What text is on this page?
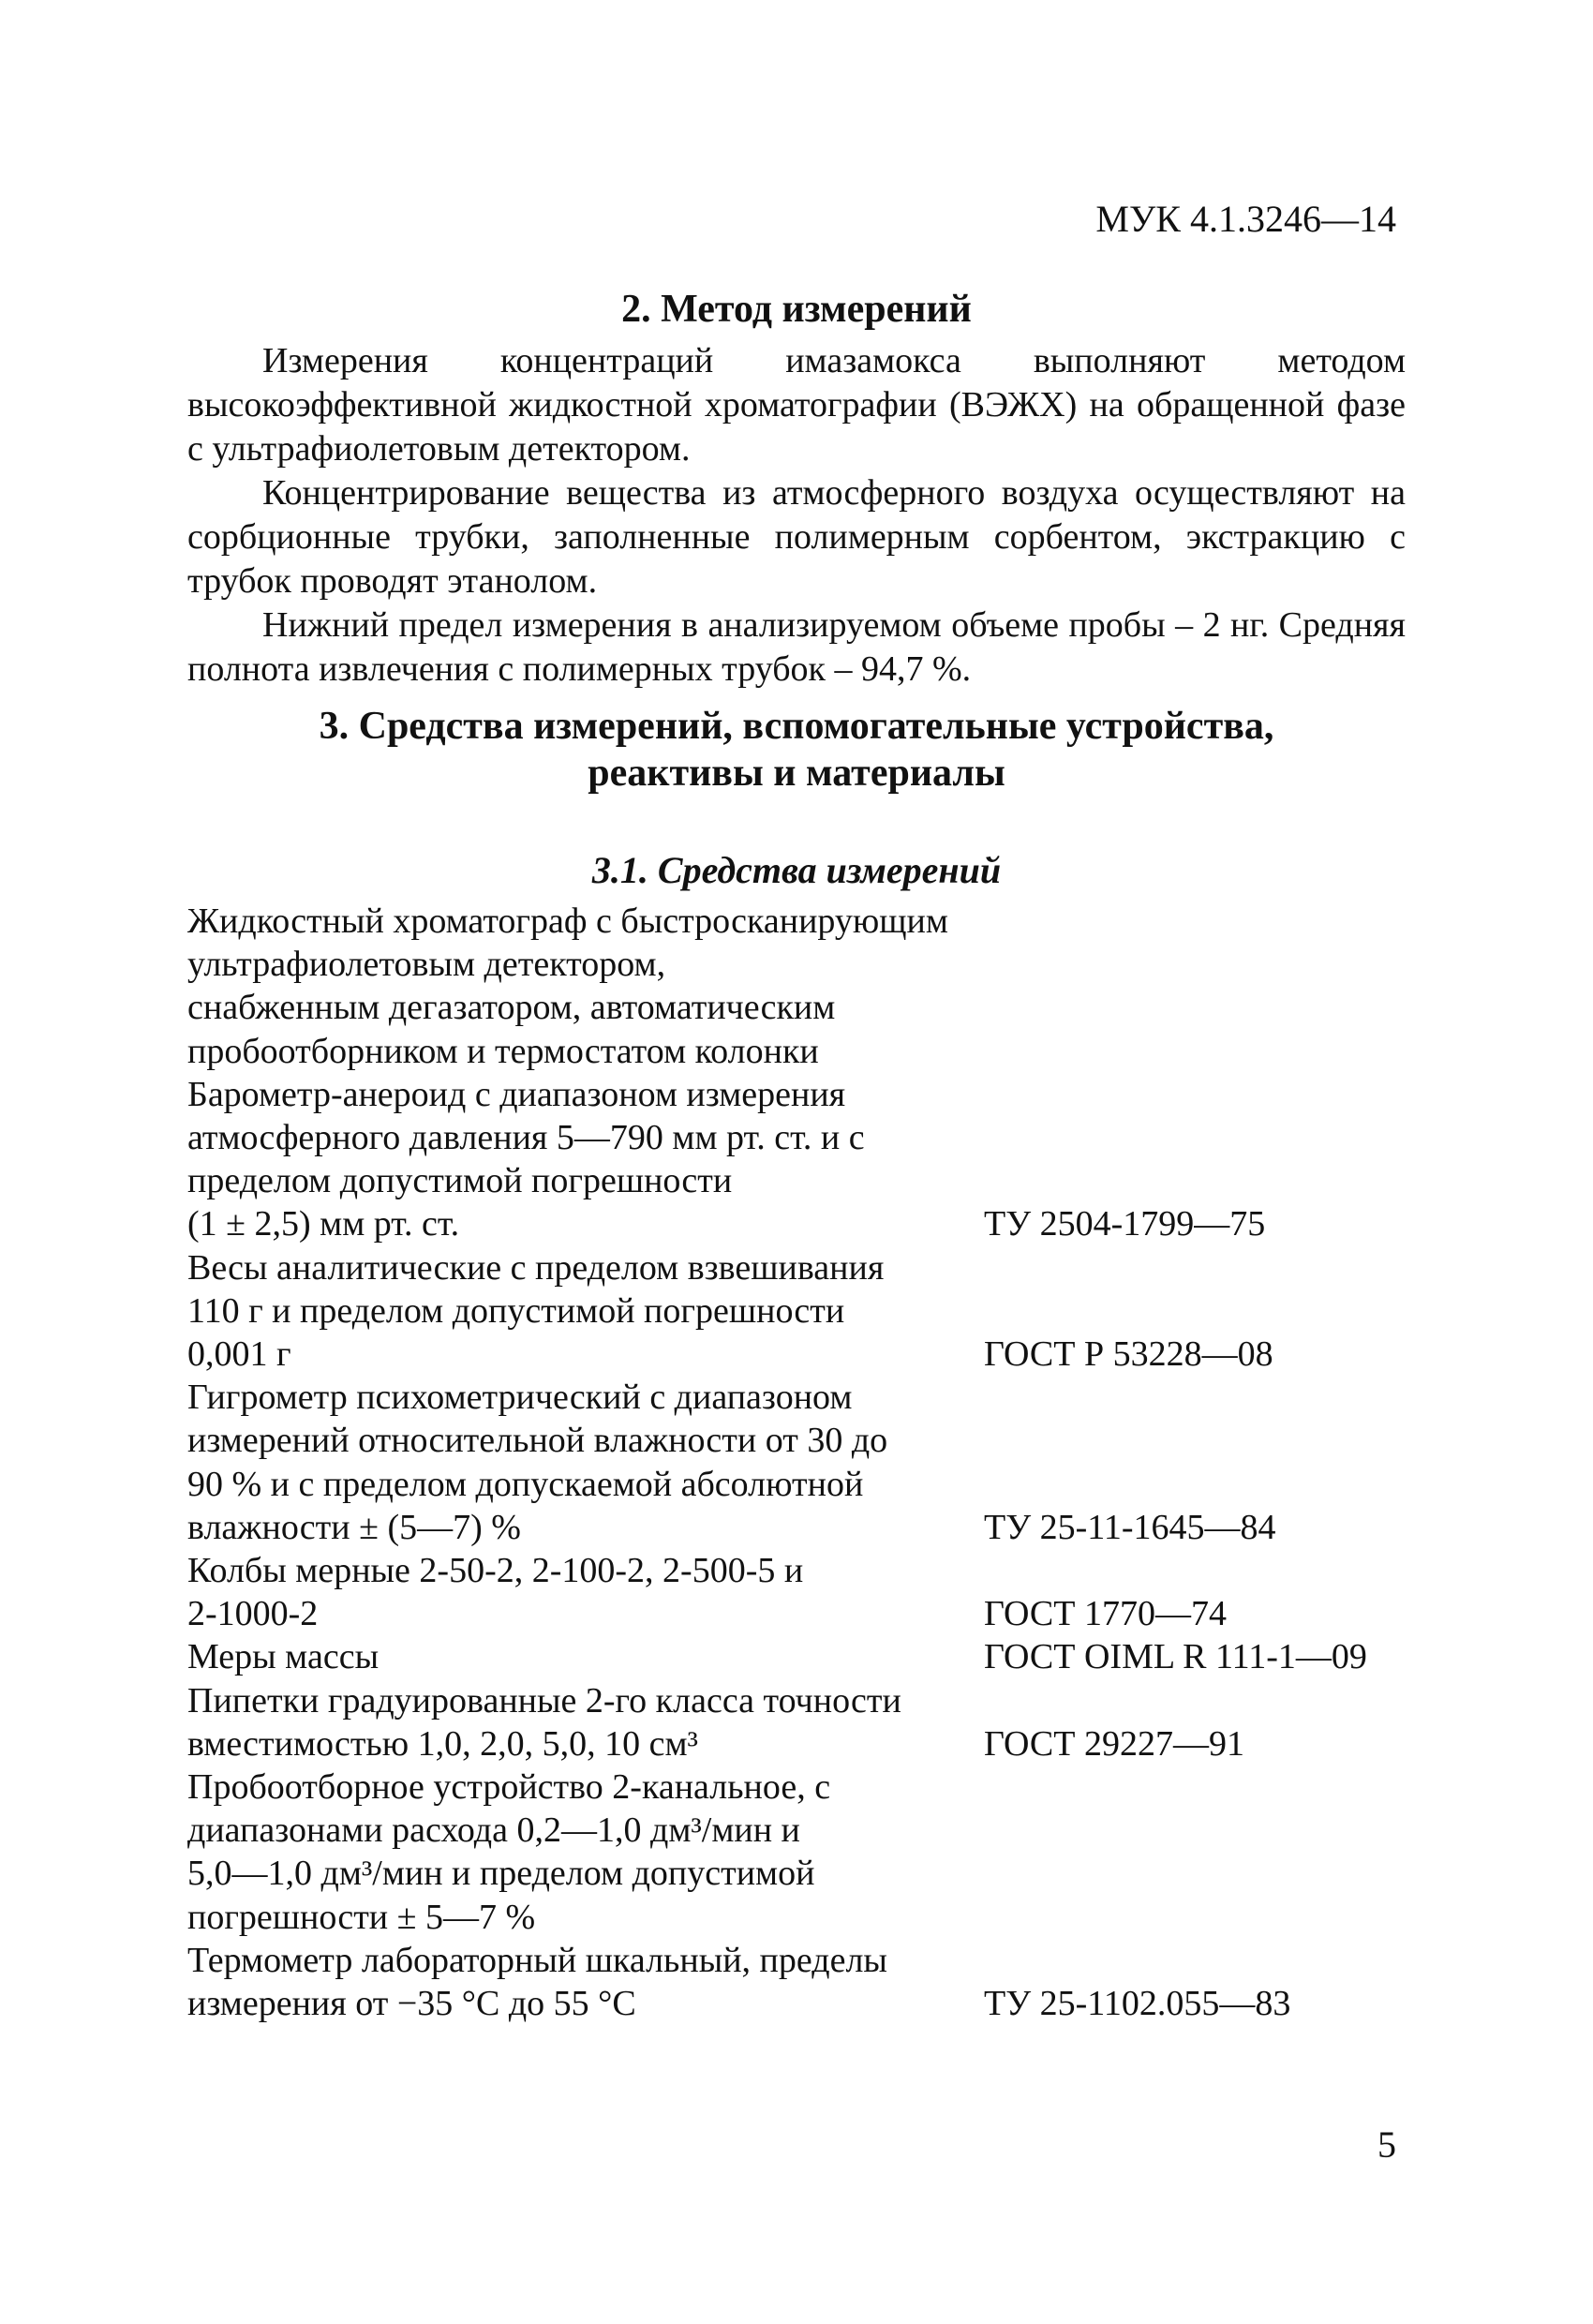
МУК 4.1.3246—14
2. Метод измерений

Измерения концентраций имазамокса выполняют методом высокоэффективной жидкостной хроматографии (ВЭЖХ) на обращенной фазе с ультрафиолетовым детектором.

Концентрирование вещества из атмосферного воздуха осуществляют на сорбционные трубки, заполненные полимерным сорбентом, экстракцию с трубок проводят этанолом.

Нижний предел измерения в анализируемом объеме пробы – 2 нг. Средняя полнота извлечения с полимерных трубок – 94,7 %.

3. Средства измерений, вспомогательные устройства,
реактивы и материалы
3.1. Средства измерений
Жидкостный хроматограф с быстросканирующим ультрафиолетовым детектором,	
снабженным дегазатором, автоматическим	
пробоотборником и термостатом колонки	
Барометр-анероид с диапазоном измерения	
атмосферного давления 5—790 мм рт. ст. и с	
пределом допустимой погрешности	
(1 ± 2,5) мм рт. ст.	ТУ 2504-1799—75
Весы аналитические с пределом взвешивания	
110 г и пределом допустимой погрешности	
0,001 г	ГОСТ Р 53228—08
Гигрометр психометрический с диапазоном	
измерений относительной влажности от 30 до	
90 % и с пределом допускаемой абсолютной	
влажности ± (5—7) %	ТУ 25-11-1645—84
Колбы мерные 2-50-2, 2-100-2, 2-500-5 и	
2-1000-2	ГОСТ 1770—74
Меры массы	ГОСТ OIML R 111-1—09
Пипетки градуированные 2-го класса точности	
вместимостью 1,0, 2,0, 5,0, 10 см³	ГОСТ 29227—91
Пробоотборное устройство 2-канальное, с	
диапазонами расхода 0,2—1,0 дм³/мин и	
5,0—1,0 дм³/мин и пределом допустимой	
погрешности ± 5—7 %	
Термометр лабораторный шкальный, пределы	
измерения от −35 °С до 55 °С	ТУ 25-1102.055—83
5
